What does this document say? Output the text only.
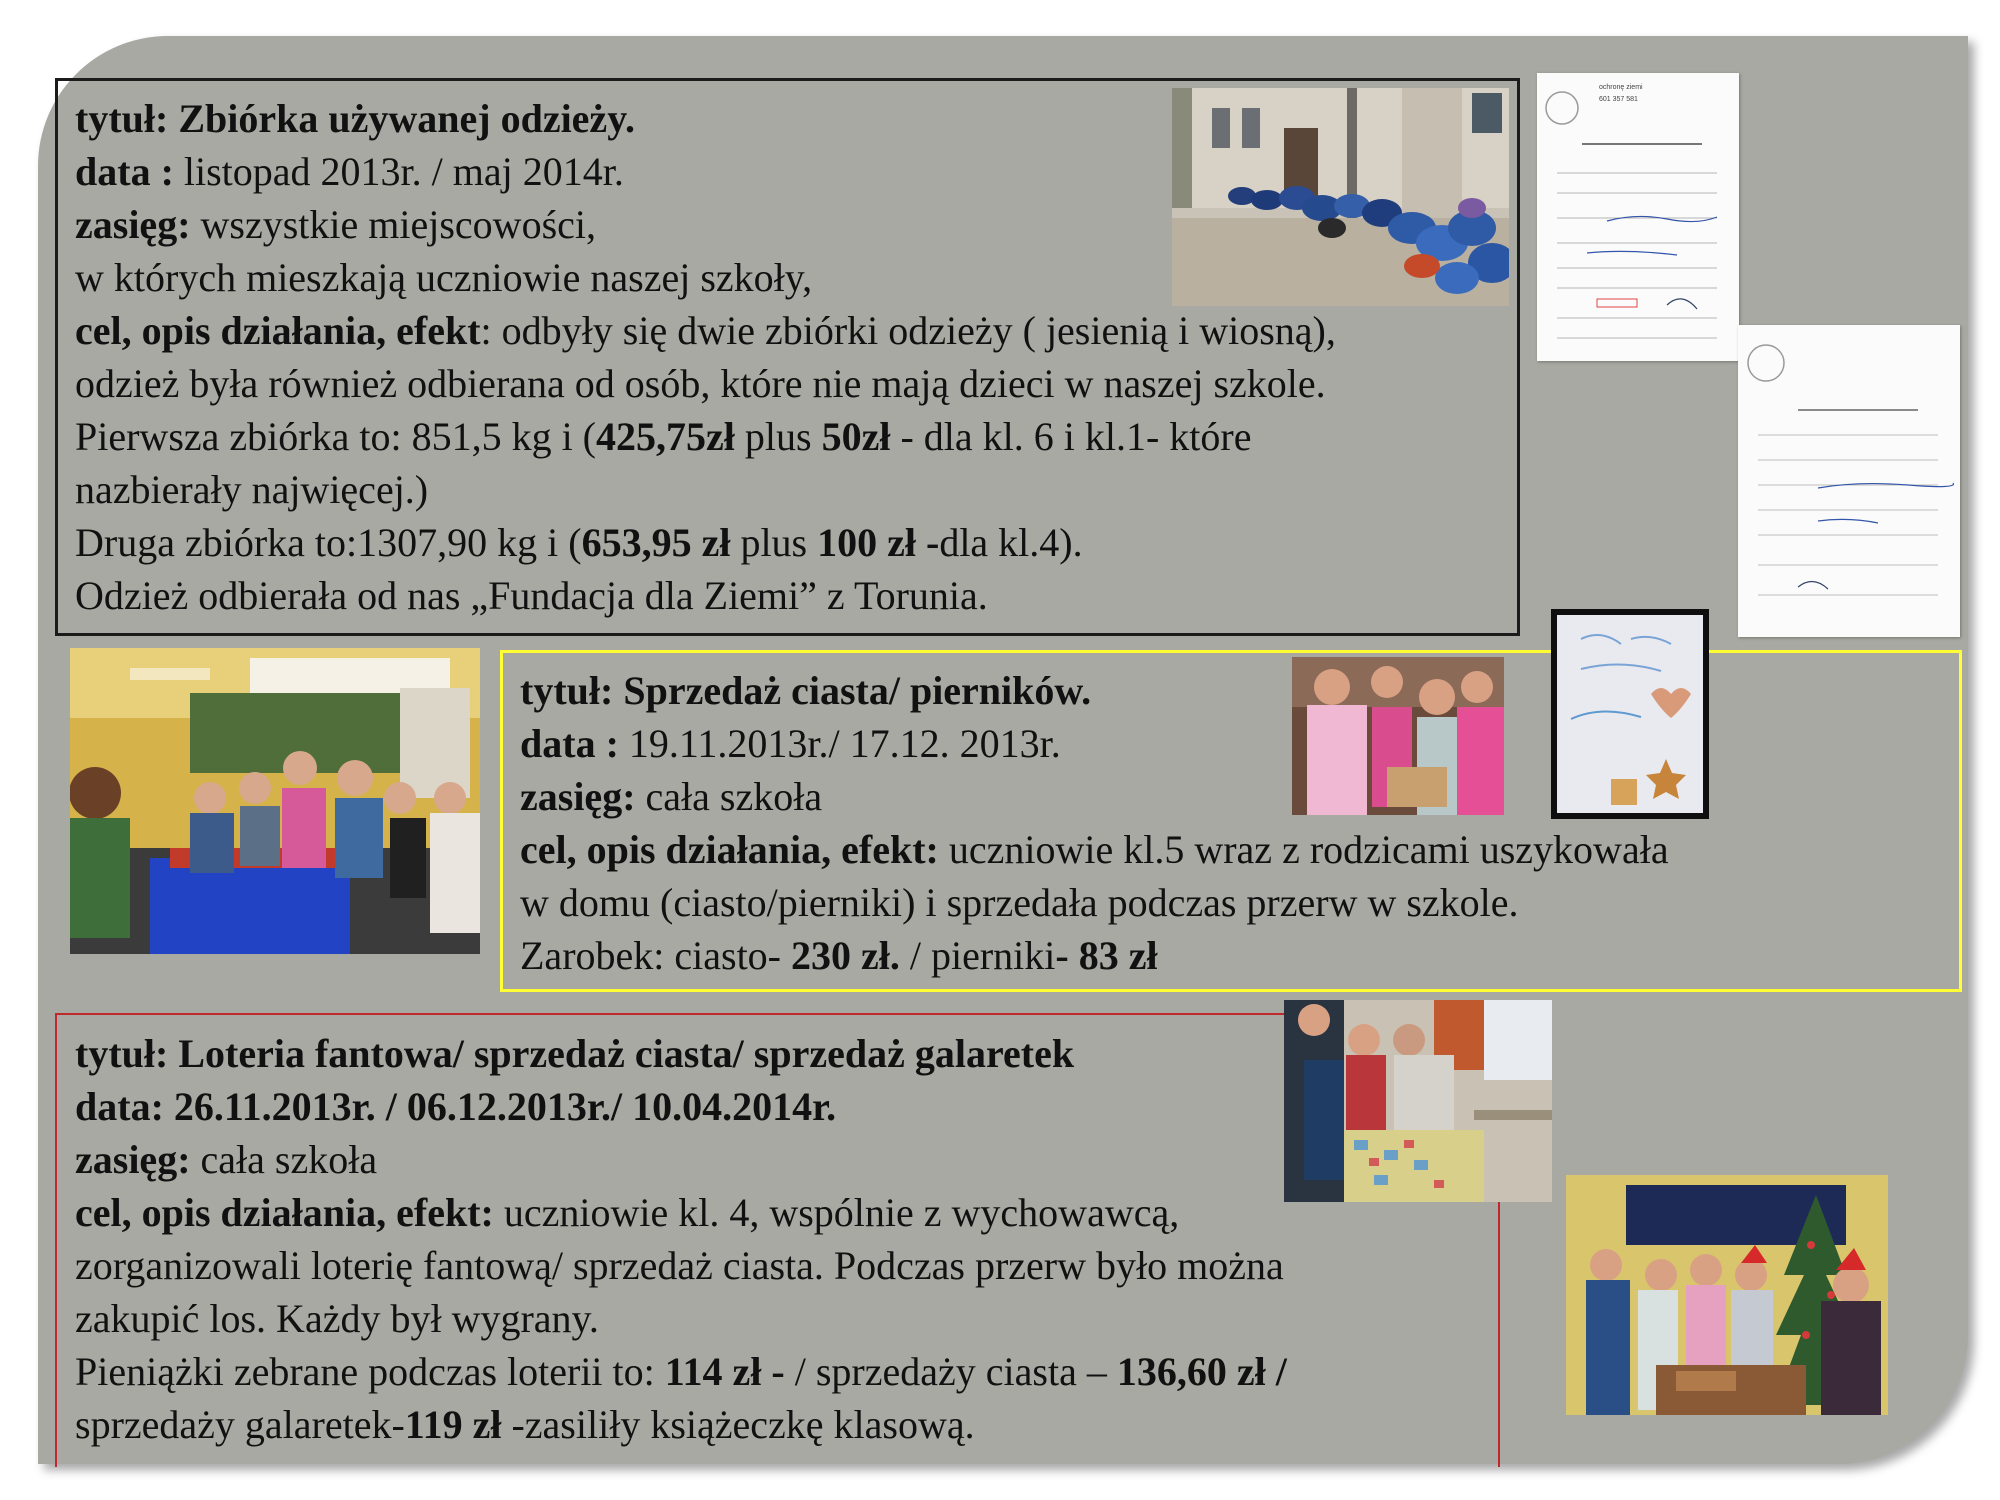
tytuł: Zbiórka używanej odzieży.
data : listopad 2013r. / maj 2014r.
zasięg: wszystkie miejscowości,
w których mieszkają uczniowie naszej szkoły,
cel, opis działania, efekt: odbyły się dwie zbiórki odzieży ( jesienią i wiosną),
odzież była również odbierana od osób, które nie mają dzieci w naszej szkole.
Pierwsza zbiórka to: 851,5 kg i (425,75zł plus 50zł - dla kl. 6 i kl.1- które
nazbierały najwięcej.)
Druga zbiórka to:1307,90 kg i (653,95 zł plus 100 zł -dla kl.4).
Odzież odbierała od nas „Fundacja dla Ziemi” z Torunia.
ochronę ziemi
601 357 581
tytuł: Sprzedaż ciasta/ pierników.
data : 19.11.2013r./ 17.12. 2013r.
zasięg: cała szkoła
cel, opis działania, efekt: uczniowie kl.5 wraz z rodzicami uszykowała
w domu (ciasto/pierniki) i sprzedała podczas przerw w szkole.
Zarobek: ciasto- 230 zł. / pierniki- 83 zł
tytuł: Loteria fantowa/ sprzedaż ciasta/ sprzedaż galaretek
data: 26.11.2013r. / 06.12.2013r./ 10.04.2014r.
zasięg: cała szkoła
cel, opis działania, efekt: uczniowie kl. 4, wspólnie z wychowawcą,
zorganizowali loterię fantową/ sprzedaż ciasta. Podczas przerw było można
zakupić los. Każdy był wygrany.
Pieniążki zebrane podczas loterii to: 114 zł - / sprzedaży ciasta – 136,60 zł /
sprzedaży galaretek-119 zł -zasiliły książeczkę klasową.
